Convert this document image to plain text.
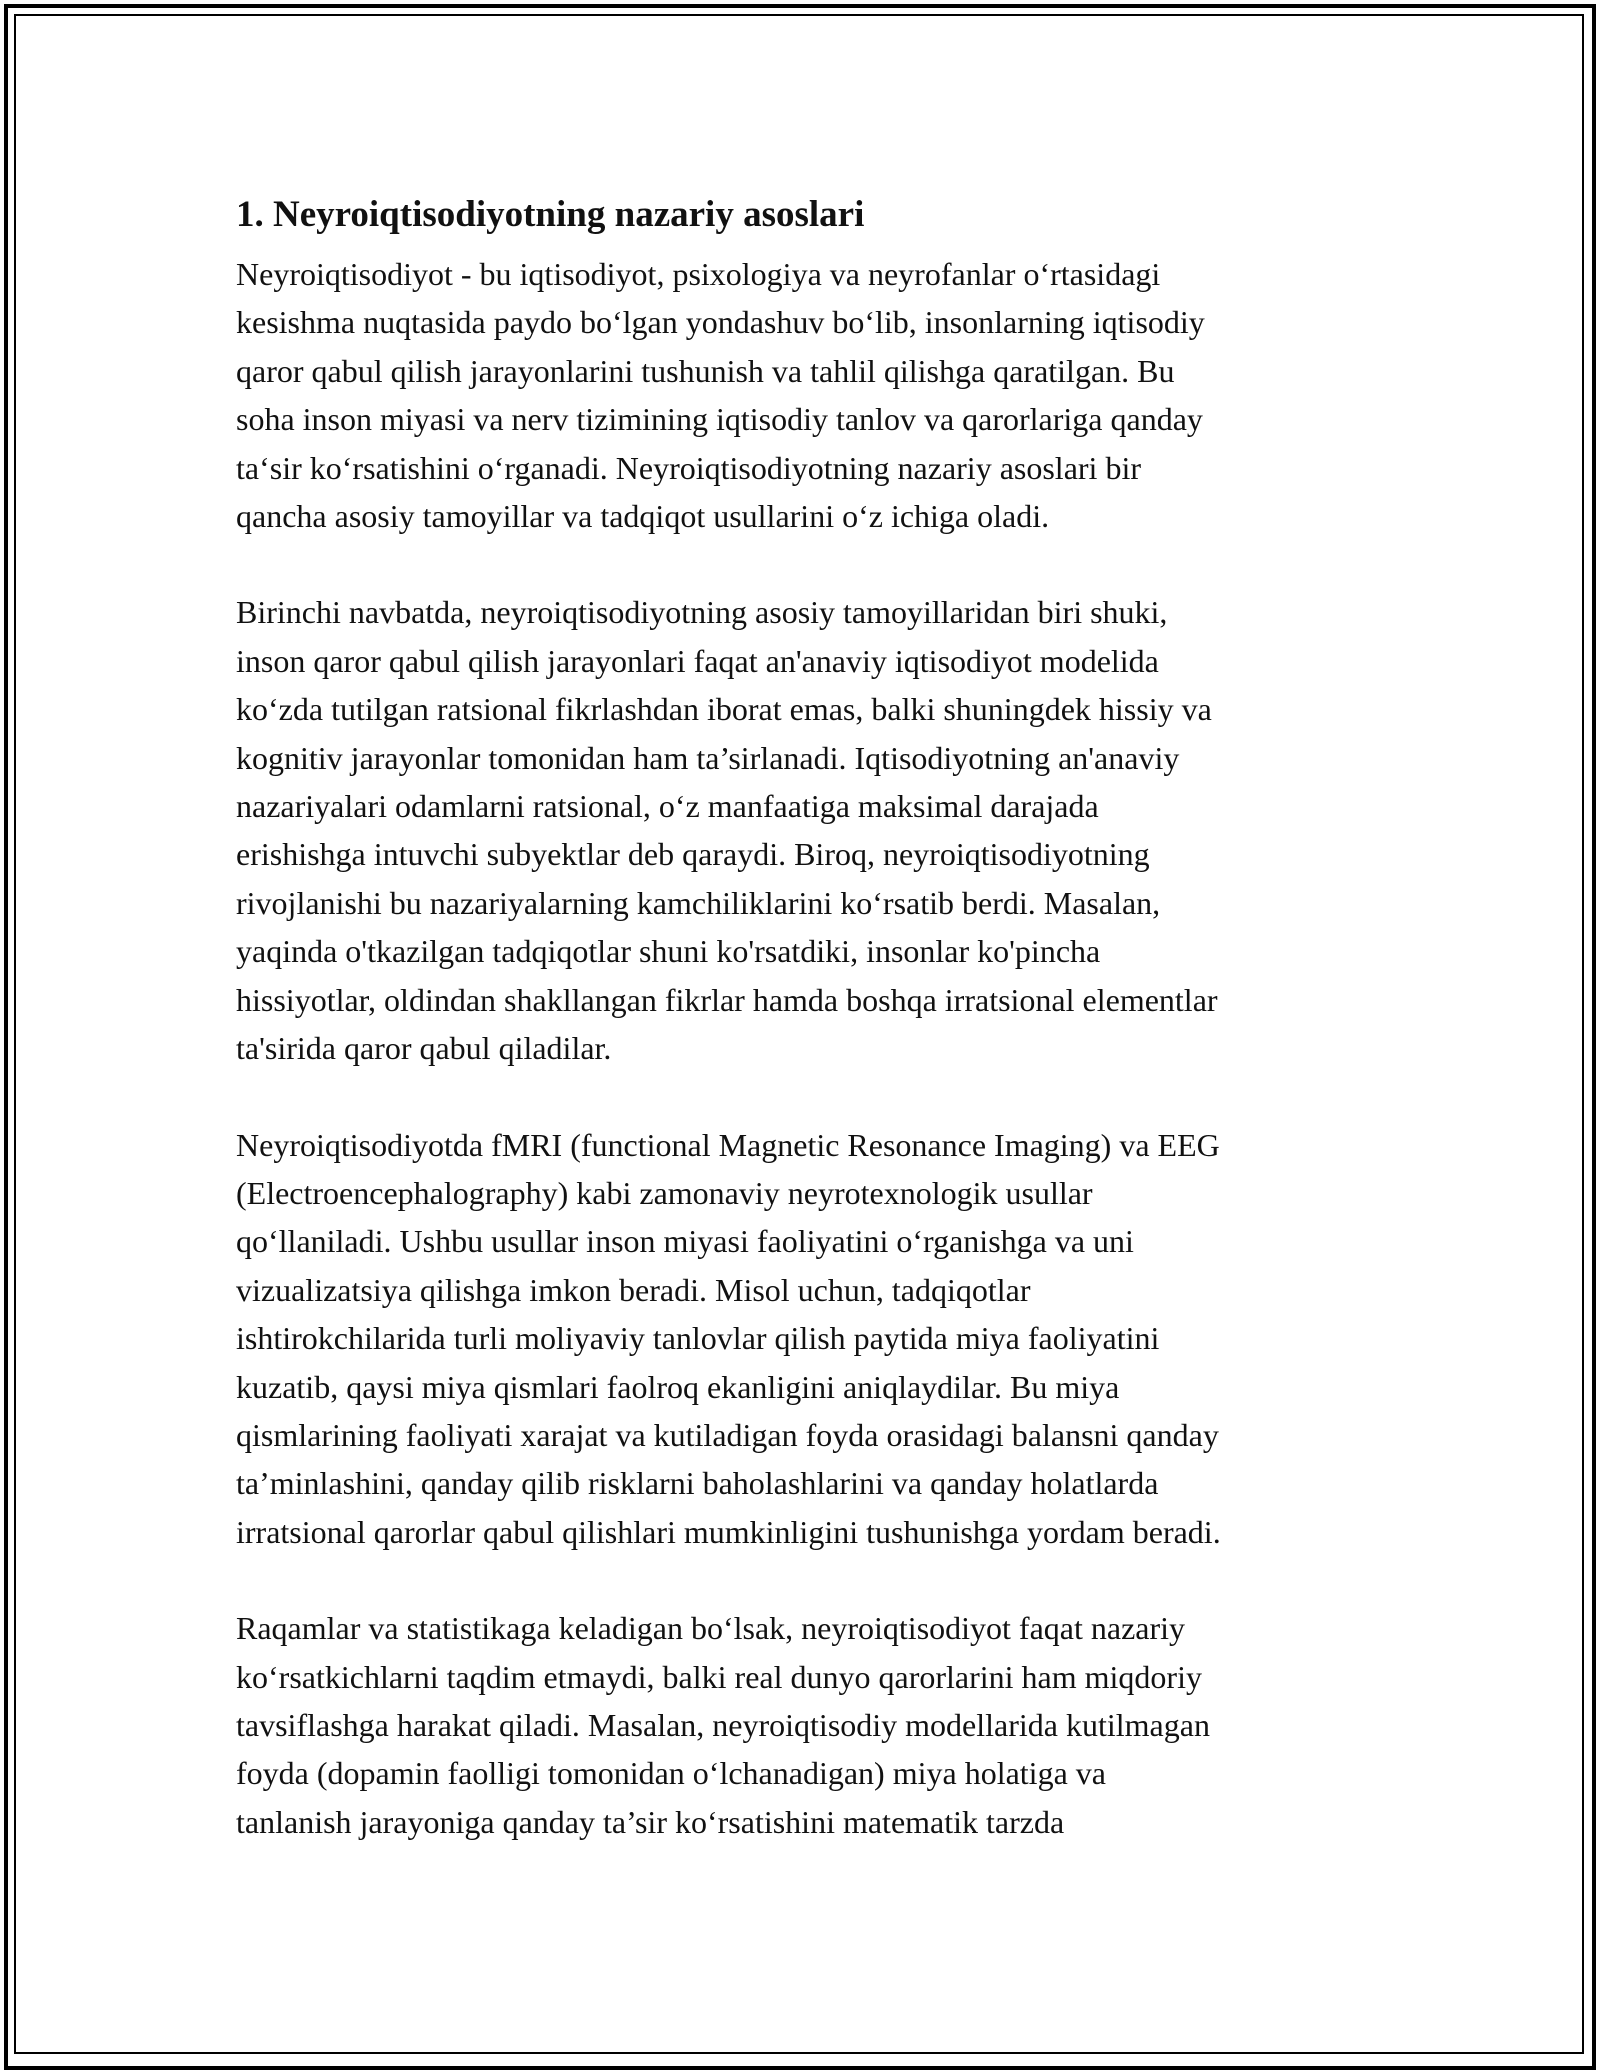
1. Neyroiqtisodiyotning nazariy asoslari

Neyroiqtisodiyot - bu iqtisodiyot, psixologiya va neyrofanlar o‘rtasidagi
kesishma nuqtasida paydo bo‘lgan yondashuv bo‘lib, insonlarning iqtisodiy
qaror qabul qilish jarayonlarini tushunish va tahlil qilishga qaratilgan. Bu
soha inson miyasi va nerv tizimining iqtisodiy tanlov va qarorlariga qanday
ta‘sir ko‘rsatishini o‘rganadi. Neyroiqtisodiyotning nazariy asoslari bir
qancha asosiy tamoyillar va tadqiqot usullarini o‘z ichiga oladi.

Birinchi navbatda, neyroiqtisodiyotning asosiy tamoyillaridan biri shuki,
inson qaror qabul qilish jarayonlari faqat an'anaviy iqtisodiyot modelida
ko‘zda tutilgan ratsional fikrlashdan iborat emas, balki shuningdek hissiy va
kognitiv jarayonlar tomonidan ham ta’sirlanadi. Iqtisodiyotning an'anaviy
nazariyalari odamlarni ratsional, o‘z manfaatiga maksimal darajada
erishishga intuvchi subyektlar deb qaraydi. Biroq, neyroiqtisodiyotning
rivojlanishi bu nazariyalarning kamchiliklarini ko‘rsatib berdi. Masalan,
yaqinda o'tkazilgan tadqiqotlar shuni ko'rsatdiki, insonlar ko'pincha
hissiyotlar, oldindan shakllangan fikrlar hamda boshqa irratsional elementlar
ta'sirida qaror qabul qiladilar.

Neyroiqtisodiyotda fMRI (functional Magnetic Resonance Imaging) va EEG
(Electroencephalography) kabi zamonaviy neyrotexnologik usullar
qo‘llaniladi. Ushbu usullar inson miyasi faoliyatini o‘rganishga va uni
vizualizatsiya qilishga imkon beradi. Misol uchun, tadqiqotlar
ishtirokchilarida turli moliyaviy tanlovlar qilish paytida miya faoliyatini
kuzatib, qaysi miya qismlari faolroq ekanligini aniqlaydilar. Bu miya
qismlarining faoliyati xarajat va kutiladigan foyda orasidagi balansni qanday
ta’minlashini, qanday qilib risklarni baholashlarini va qanday holatlarda
irratsional qarorlar qabul qilishlari mumkinligini tushunishga yordam beradi.

Raqamlar va statistikaga keladigan bo‘lsak, neyroiqtisodiyot faqat nazariy
ko‘rsatkichlarni taqdim etmaydi, balki real dunyo qarorlarini ham miqdoriy
tavsiflashga harakat qiladi. Masalan, neyroiqtisodiy modellarida kutilmagan
foyda (dopamin faolligi tomonidan o‘lchanadigan) miya holatiga va
tanlanish jarayoniga qanday ta’sir ko‘rsatishini matematik tarzda
